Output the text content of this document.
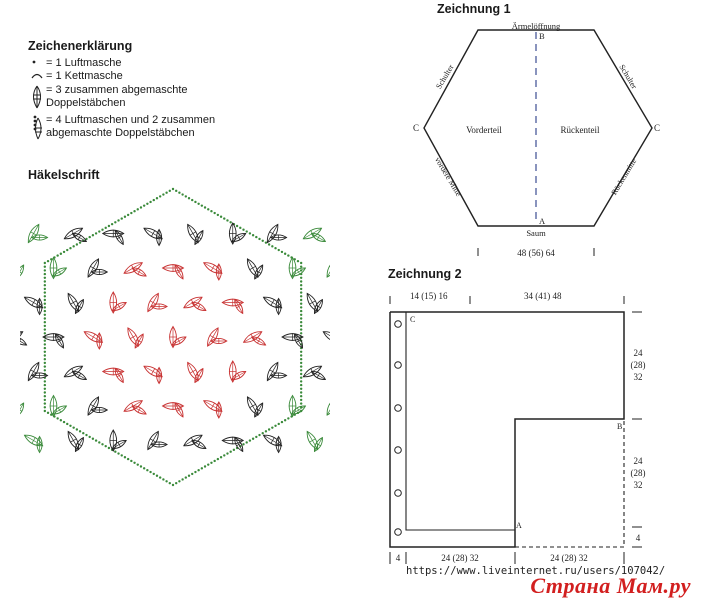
Zeichenerklärung
= 1 Luftmasche
= 1 Kettmasche
= 3 zusammen abgemaschte
Doppelstäbchen
= 4 Luftmaschen und 2 zusammen
abgemaschte Doppelstäbchen
Häkelschrift
Zeichnung 1
Ärmelöffnung
B
A
C	C
Vorderteil	Rückenteil
Schulter	Schulter
vordere Mitte	Rückenmitte
Saum
48 (56) 64
Zeichnung 2
14 (15) 16	34 (41) 48
C
B
A
24
(28)
32
24
(28)
32
4
4	24 (28) 32	24 (28) 32
https://www.liveinternet.ru/users/107042/
Страна Мам.ру
